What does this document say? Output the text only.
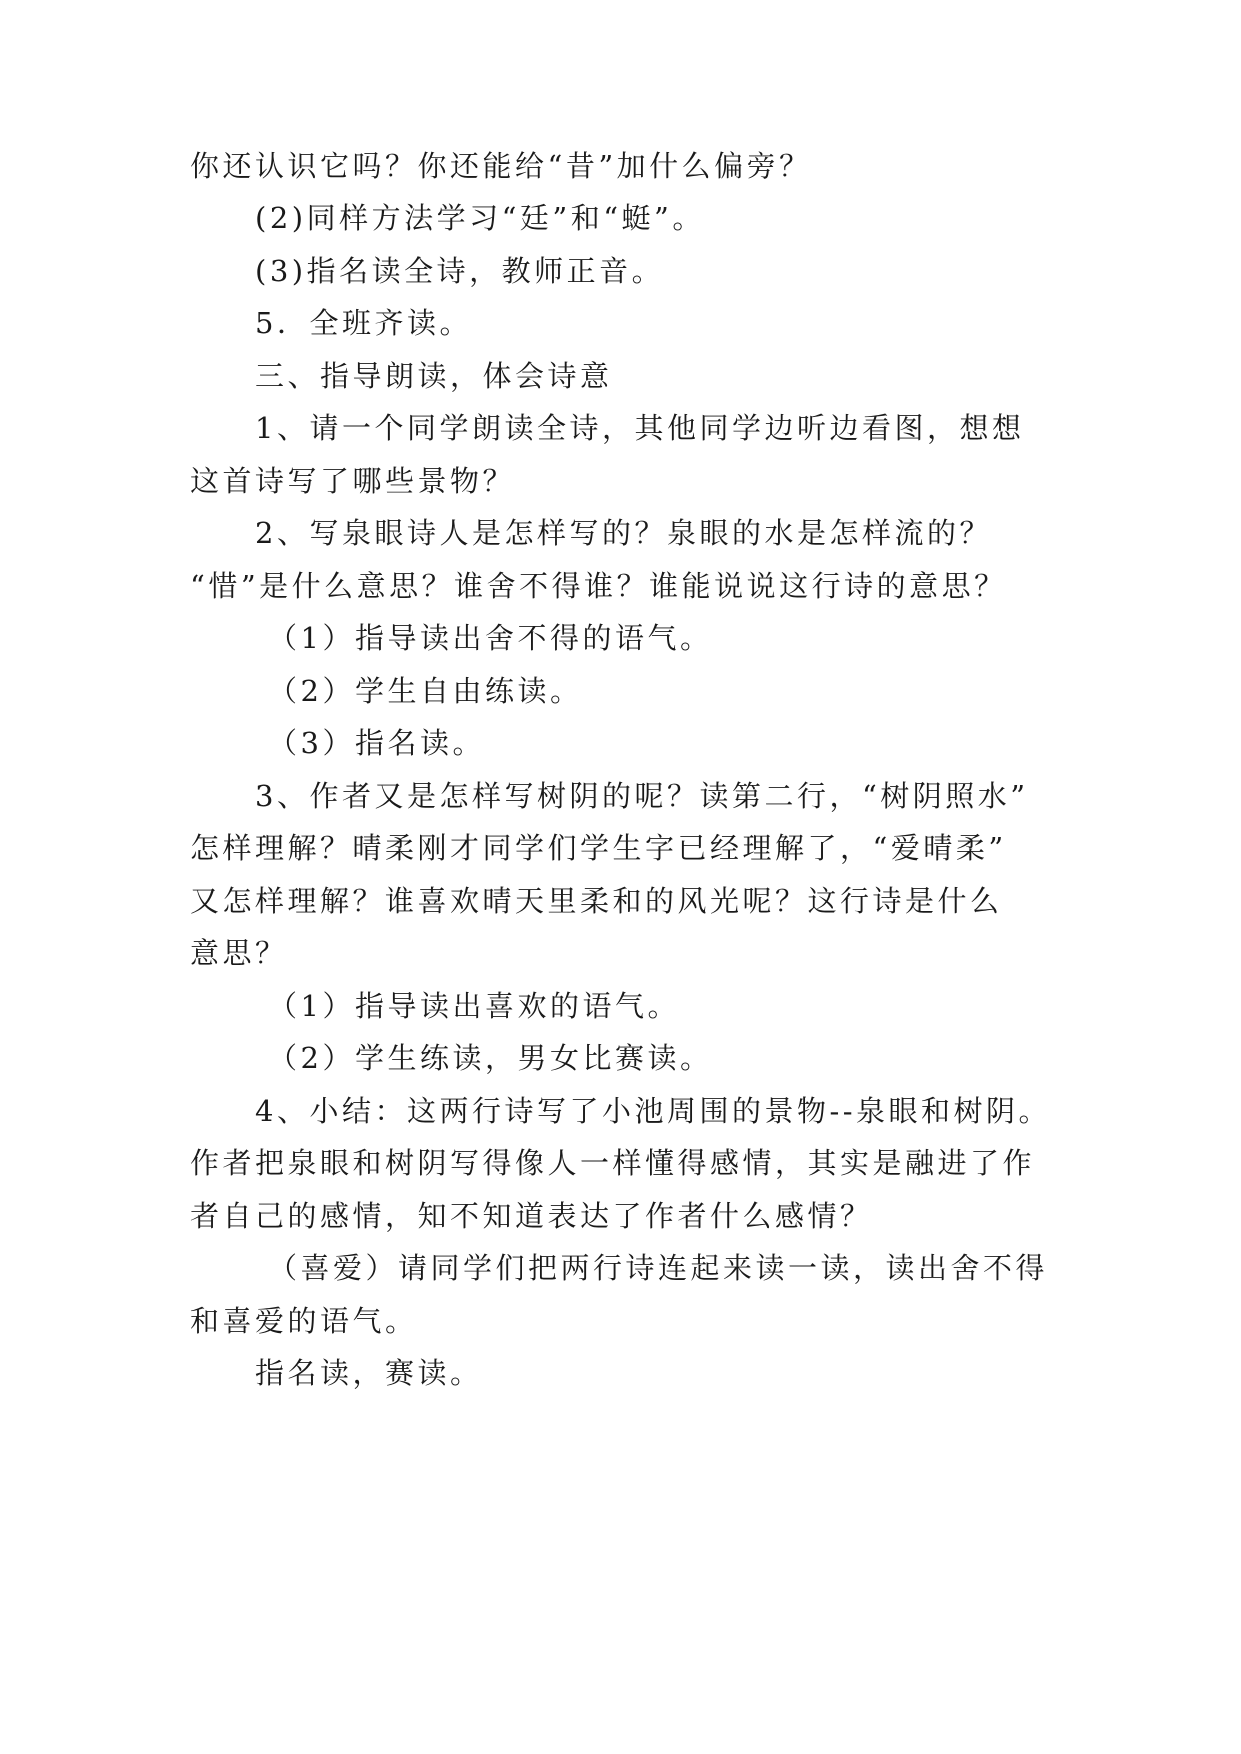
你还认识它吗？你还能给“昔”加什么偏旁？
(2)同样方法学习“廷”和“蜓”。
(3)指名读全诗，教师正音。
5．全班齐读。
三、指导朗读，体会诗意
1、请一个同学朗读全诗，其他同学边听边看图，想想
这首诗写了哪些景物？
2、写泉眼诗人是怎样写的？泉眼的水是怎样流的？
“惜”是什么意思？谁舍不得谁？谁能说说这行诗的意思？
（1）指导读出舍不得的语气。
（2）学生自由练读。
（3）指名读。
3、作者又是怎样写树阴的呢？读第二行，“树阴照水”
怎样理解？晴柔刚才同学们学生字已经理解了，“爱晴柔”
又怎样理解？谁喜欢晴天里柔和的风光呢？这行诗是什么
意思？
（1）指导读出喜欢的语气。
（2）学生练读，男女比赛读。
4、小结：这两行诗写了小池周围的景物--泉眼和树阴。
作者把泉眼和树阴写得像人一样懂得感情，其实是融进了作
者自己的感情，知不知道表达了作者什么感情？
（喜爱）请同学们把两行诗连起来读一读，读出舍不得
和喜爱的语气。
指名读，赛读。
